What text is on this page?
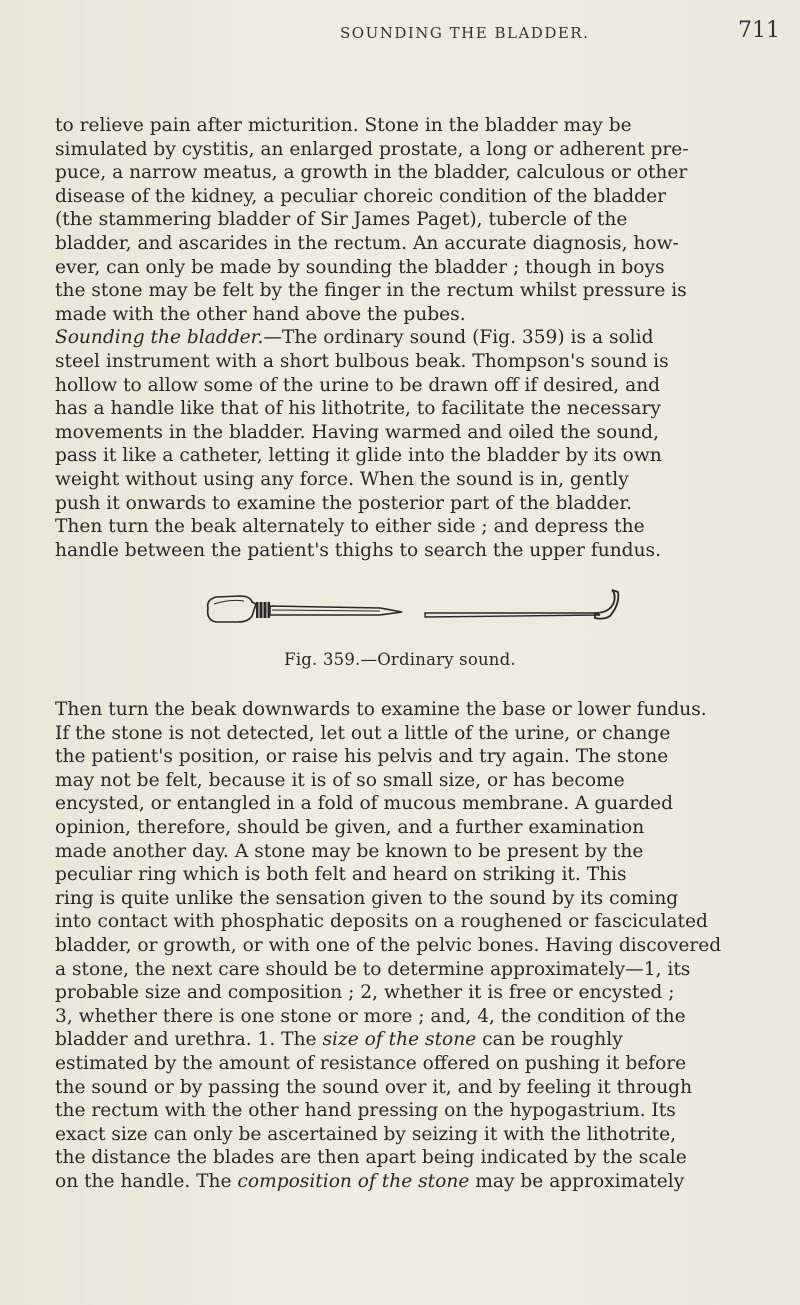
SOUNDING THE BLADDER.	711
to relieve pain after micturition. Stone in the bladder may be
simulated by cystitis, an enlarged prostate, a long or adherent pre-
puce, a narrow meatus, a growth in the bladder, calculous or other
disease of the kidney, a peculiar choreic condition of the bladder
(the stammering bladder of Sir James Paget), tubercle of the
bladder, and ascarides in the rectum. An accurate diagnosis, how-
ever, can only be made by sounding the bladder ; though in boys
the stone may be felt by the finger in the rectum whilst pressure is
made with the other hand above the pubes.
Sounding the bladder.—The ordinary sound (Fig. 359) is a solid
steel instrument with a short bulbous beak. Thompson's sound is
hollow to allow some of the urine to be drawn off if desired, and
has a handle like that of his lithotrite, to facilitate the necessary
movements in the bladder. Having warmed and oiled the sound,
pass it like a catheter, letting it glide into the bladder by its own
weight without using any force. When the sound is in, gently
push it onwards to examine the posterior part of the bladder.
Then turn the beak alternately to either side ; and depress the
handle between the patient's thighs to search the upper fundus.
Fig. 359.—Ordinary sound.
Then turn the beak downwards to examine the base or lower fundus.
If the stone is not detected, let out a little of the urine, or change
the patient's position, or raise his pelvis and try again. The stone
may not be felt, because it is of so small size, or has become
encysted, or entangled in a fold of mucous membrane. A guarded
opinion, therefore, should be given, and a further examination
made another day. A stone may be known to be present by the
peculiar ring which is both felt and heard on striking it. This
ring is quite unlike the sensation given to the sound by its coming
into contact with phosphatic deposits on a roughened or fasciculated
bladder, or growth, or with one of the pelvic bones. Having discovered
a stone, the next care should be to determine approximately—1, its
probable size and composition ; 2, whether it is free or encysted ;
3, whether there is one stone or more ; and, 4, the condition of the
bladder and urethra. 1. The size of the stone can be roughly
estimated by the amount of resistance offered on pushing it before
the sound or by passing the sound over it, and by feeling it through
the rectum with the other hand pressing on the hypogastrium. Its
exact size can only be ascertained by seizing it with the lithotrite,
the distance the blades are then apart being indicated by the scale
on the handle. The composition of the stone may be approximately
